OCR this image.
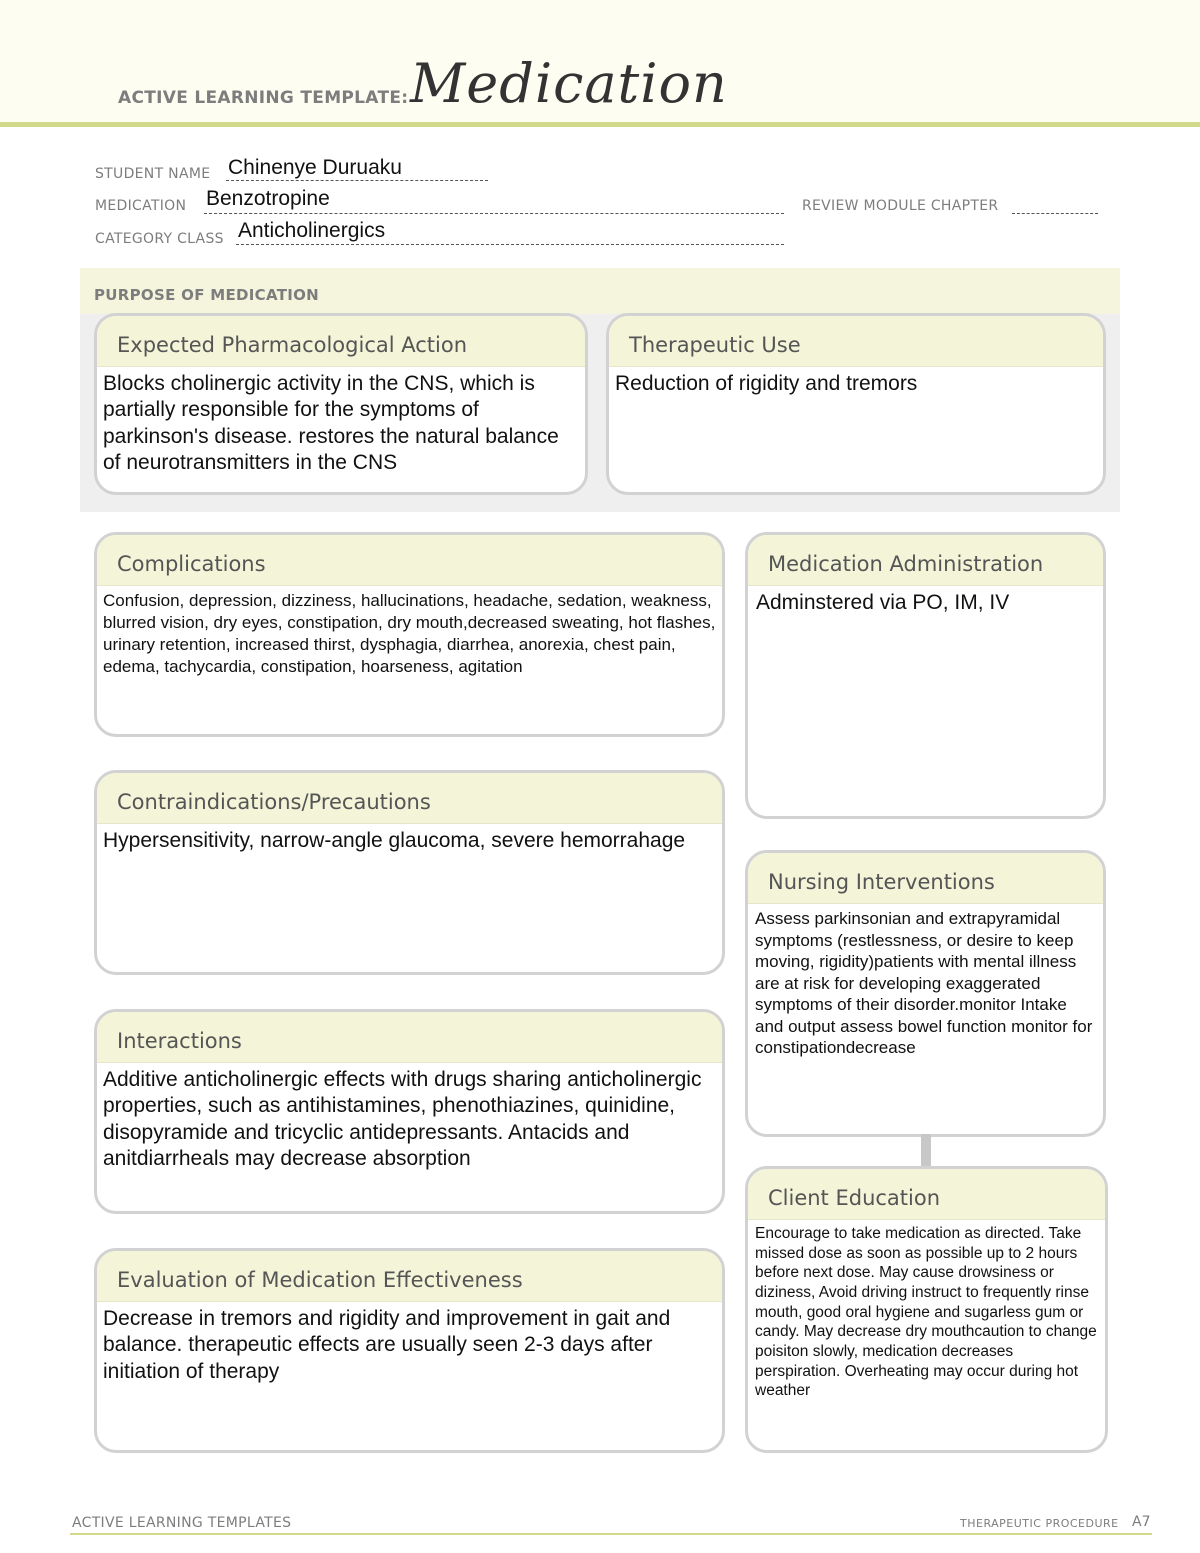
ACTIVE LEARNING TEMPLATE: Medication
STUDENT NAME Chinenye Duruaku
MEDICATION Benzotropine	REVIEW MODULE CHAPTER
CATEGORY CLASS Anticholinergics
PURPOSE OF MEDICATION
Expected Pharmacological Action
Blocks cholinergic activity in the CNS, which is partially responsible for the symptoms of parkinson's disease. restores the natural balance of neurotransmitters in the CNS
Therapeutic Use
Reduction of rigidity and tremors
Complications
Confusion, depression, dizziness, hallucinations, headache, sedation, weakness, blurred vision, dry eyes, constipation, dry mouth,decreased sweating, hot flashes, urinary retention, increased thirst, dysphagia, diarrhea, anorexia, chest pain, edema, tachycardia, constipation, hoarseness, agitation
Contraindications/Precautions
Hypersensitivity, narrow-angle glaucoma, severe hemorrahage
Interactions
Additive anticholinergic effects with drugs sharing anticholinergic properties, such as antihistamines, phenothiazines, quinidine, disopyramide and tricyclic antidepressants. Antacids and anitdiarrheals may decrease absorption
Evaluation of Medication Effectiveness
Decrease in tremors and rigidity and improvement in gait and balance. therapeutic effects are usually seen 2-3 days after initiation of therapy
Medication Administration
Adminstered via PO, IM, IV
Nursing Interventions
Assess parkinsonian and extrapyramidal symptoms (restlessness, or desire to keep moving, rigidity)patients with mental illness are at risk for developing exaggerated symptoms of their disorder.monitor Intake and output assess bowel function monitor for constipationdecrease
Client Education
Encourage to take medication as directed. Take missed dose as soon as possible up to 2 hours before next dose. May cause drowsiness or diziness, Avoid driving instruct to frequently rinse mouth, good oral hygiene and sugarless gum or candy. May decrease dry mouthcaution to change poisiton slowly, medication decreases perspiration. Overheating may occur during hot weather
ACTIVE LEARNING TEMPLATES	THERAPEUTIC PROCEDURE A7
